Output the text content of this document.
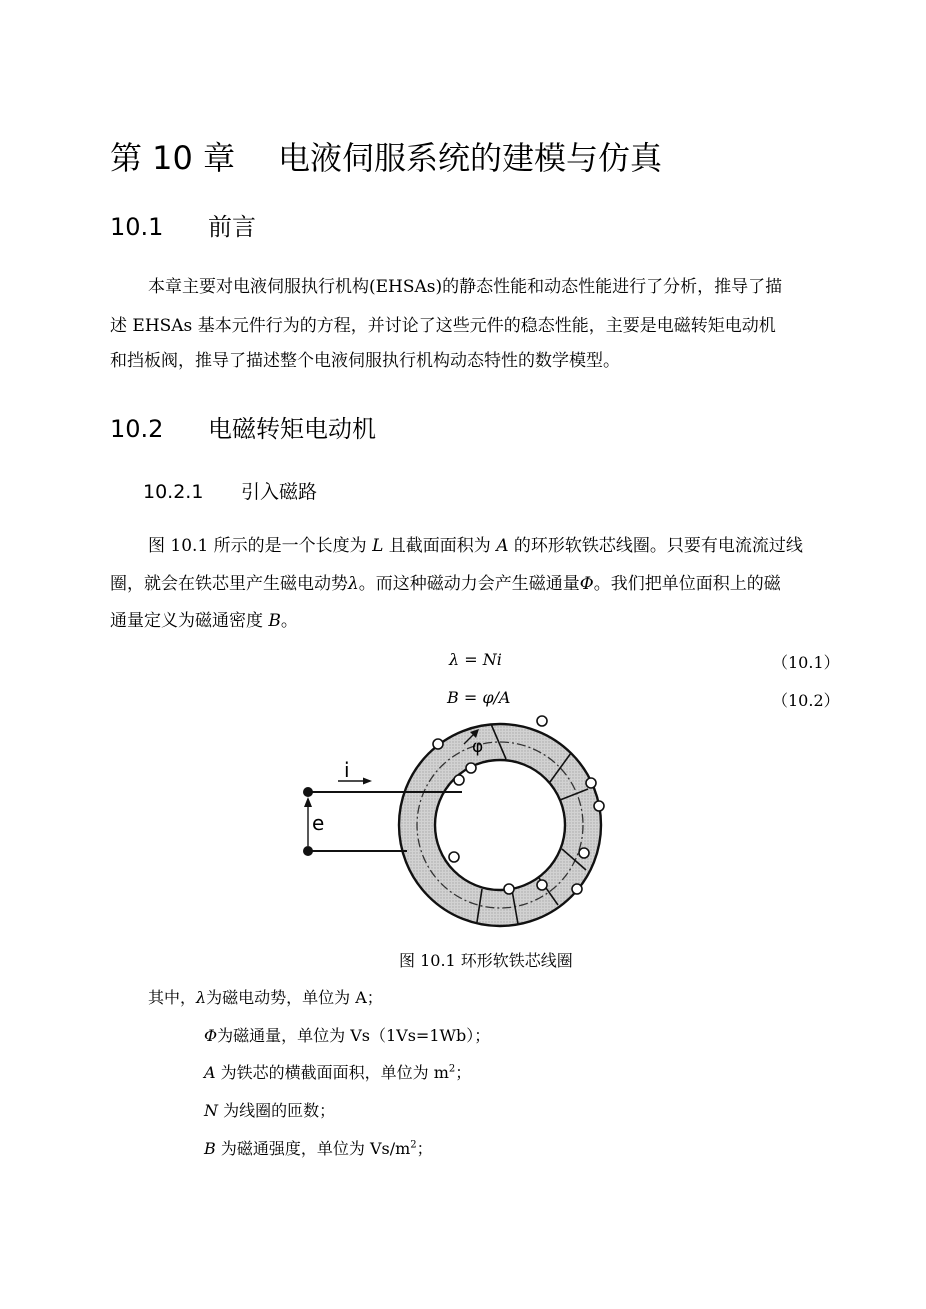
第 10 章 电液伺服系统的建模与仿真
10.1 前言
本章主要对电液伺服执行机构(EHSAs)的静态性能和动态性能进行了分析，推导了描
述 EHSAs 基本元件行为的方程，并讨论了这些元件的稳态性能，主要是电磁转矩电动机
和挡板阀，推导了描述整个电液伺服执行机构动态特性的数学模型。
10.2 电磁转矩电动机
10.2.1 引入磁路
图 10.1 所示的是一个长度为 L 且截面面积为 A 的环形软铁芯线圈。只要有电流流过线
圈，就会在铁芯里产生磁电动势λ。而这种磁动力会产生磁通量Φ。我们把单位面积上的磁
通量定义为磁通密度 B。
λ = Ni	（10.1）
B = φ/A	（10.2）
i
e
φ
图 10.1 环形软铁芯线圈
其中，λ为磁电动势，单位为 A；
Φ为磁通量，单位为 Vs（1Vs=1Wb）；
A 为铁芯的横截面面积，单位为 $m^2$；
N 为线圈的匝数；
B 为磁通强度，单位为 $Vs/m^2$；
